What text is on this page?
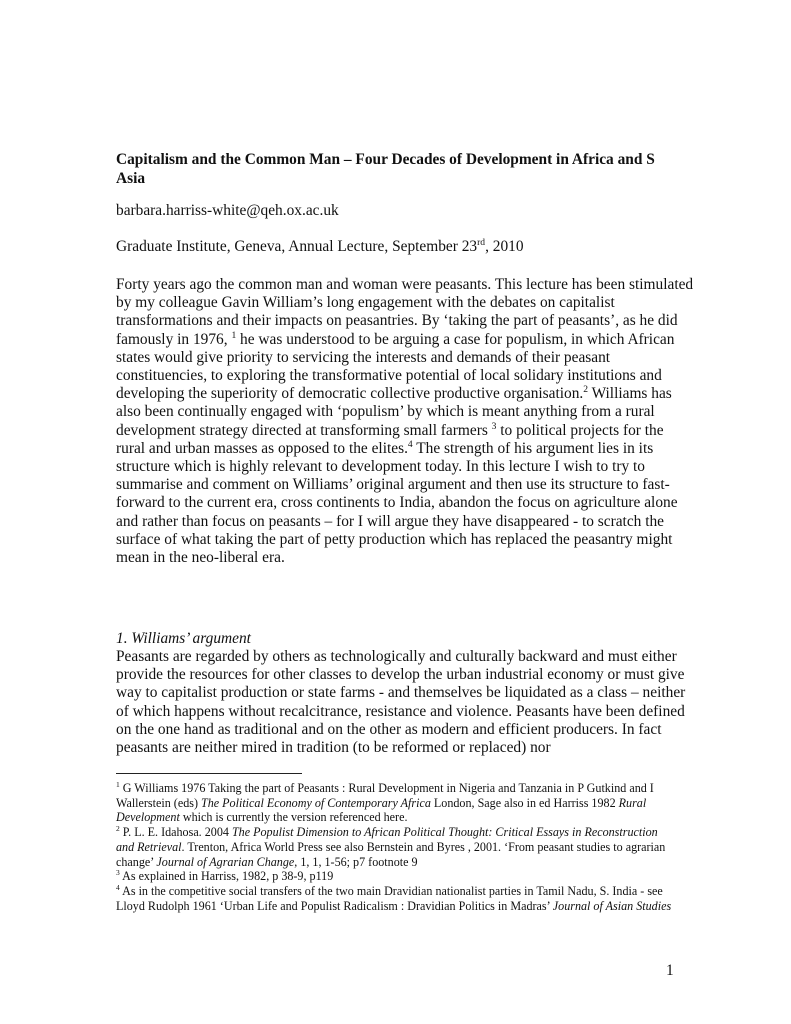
Capitalism and the Common Man – Four Decades of Development in Africa and S Asia
barbara.harriss-white@qeh.ox.ac.uk
Graduate Institute, Geneva, Annual Lecture, September 23rd, 2010

Forty years ago the common man and woman were peasants. This lecture has been stimulated by my colleague Gavin William’s long engagement with the debates on capitalist transformations and their impacts on peasantries. By ‘taking the part of peasants’, as he did famously in 1976, $^1$ he was understood to be arguing a case for populism, in which African states would give priority to servicing the interests and demands of their peasant constituencies, to exploring the transformative potential of local solidary institutions and developing the superiority of democratic collective productive organisation.$^2$ Williams has also been continually engaged with ‘populism’ by which is meant anything from a rural development strategy directed at transforming small farmers $^3$ to political projects for the rural and urban masses as opposed to the elites.$^4$ The strength of his argument lies in its structure which is highly relevant to development today. In this lecture I wish to try to summarise and comment on Williams’ original argument and then use its structure to fast-forward to the current era, cross continents to India, abandon the focus on agriculture alone and rather than focus on peasants – for I will argue they have disappeared - to scratch the surface of what taking the part of petty production which has replaced the peasantry might mean in the neo-liberal era.

1. Williams’ argument

Peasants are regarded by others as technologically and culturally backward and must either provide the resources for other classes to develop the urban industrial economy or must give way to capitalist production or state farms - and themselves be liquidated as a class – neither of which happens without recalcitrance, resistance and violence. Peasants have been defined on the one hand as traditional and on the other as modern and efficient producers. In fact peasants are neither mired in tradition (to be reformed or replaced) nor

$^1$ G Williams 1976 Taking the part of Peasants : Rural Development in Nigeria and Tanzania in P Gutkind and I Wallerstein (eds) The Political Economy of Contemporary Africa London, Sage also in ed Harriss 1982 Rural Development which is currently the version referenced here.

$^2$ P. L. E. Idahosa. 2004 The Populist Dimension to African Political Thought: Critical Essays in Reconstruction and Retrieval. Trenton, Africa World Press see also Bernstein and Byres , 2001. ‘From peasant studies to agrarian change’ Journal of Agrarian Change, 1, 1, 1-56; p7 footnote 9

$^3$ As explained in Harriss, 1982, p 38-9, p119

$^4$ As in the competitive social transfers of the two main Dravidian nationalist parties in Tamil Nadu, S. India - see Lloyd Rudolph 1961 ‘Urban Life and Populist Radicalism : Dravidian Politics in Madras’ Journal of Asian Studies

1
